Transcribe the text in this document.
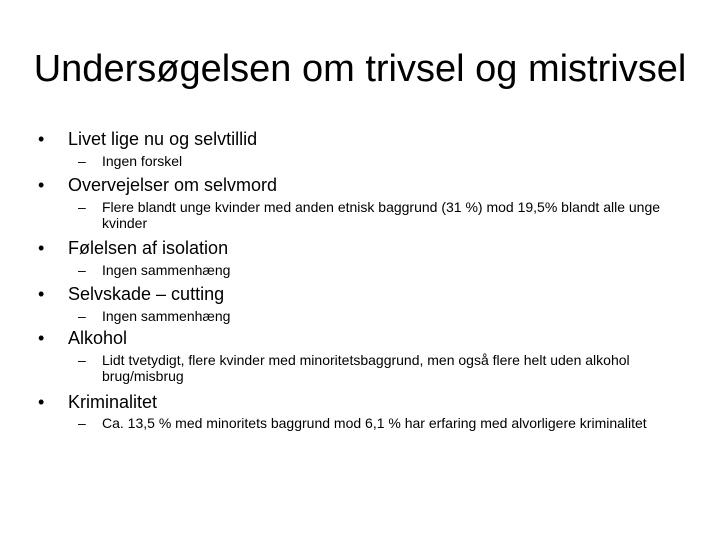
Undersøgelsen om trivsel og mistrivsel
•	Livet lige nu og selvtillid
–	Ingen forskel
•	Overvejelser om selvmord
–	Flere blandt unge kvinder med anden etnisk baggrund (31 %) mod 19,5% blandt alle unge kvinder
•	Følelsen af isolation
–	Ingen sammenhæng
•	Selvskade – cutting
–	Ingen sammenhæng
•	Alkohol
–	Lidt tvetydigt, flere kvinder med minoritetsbaggrund, men også flere helt uden alkohol brug/misbrug
•	Kriminalitet
–	Ca. 13,5 % med minoritets baggrund mod 6,1 % har erfaring med alvorligere kriminalitet
